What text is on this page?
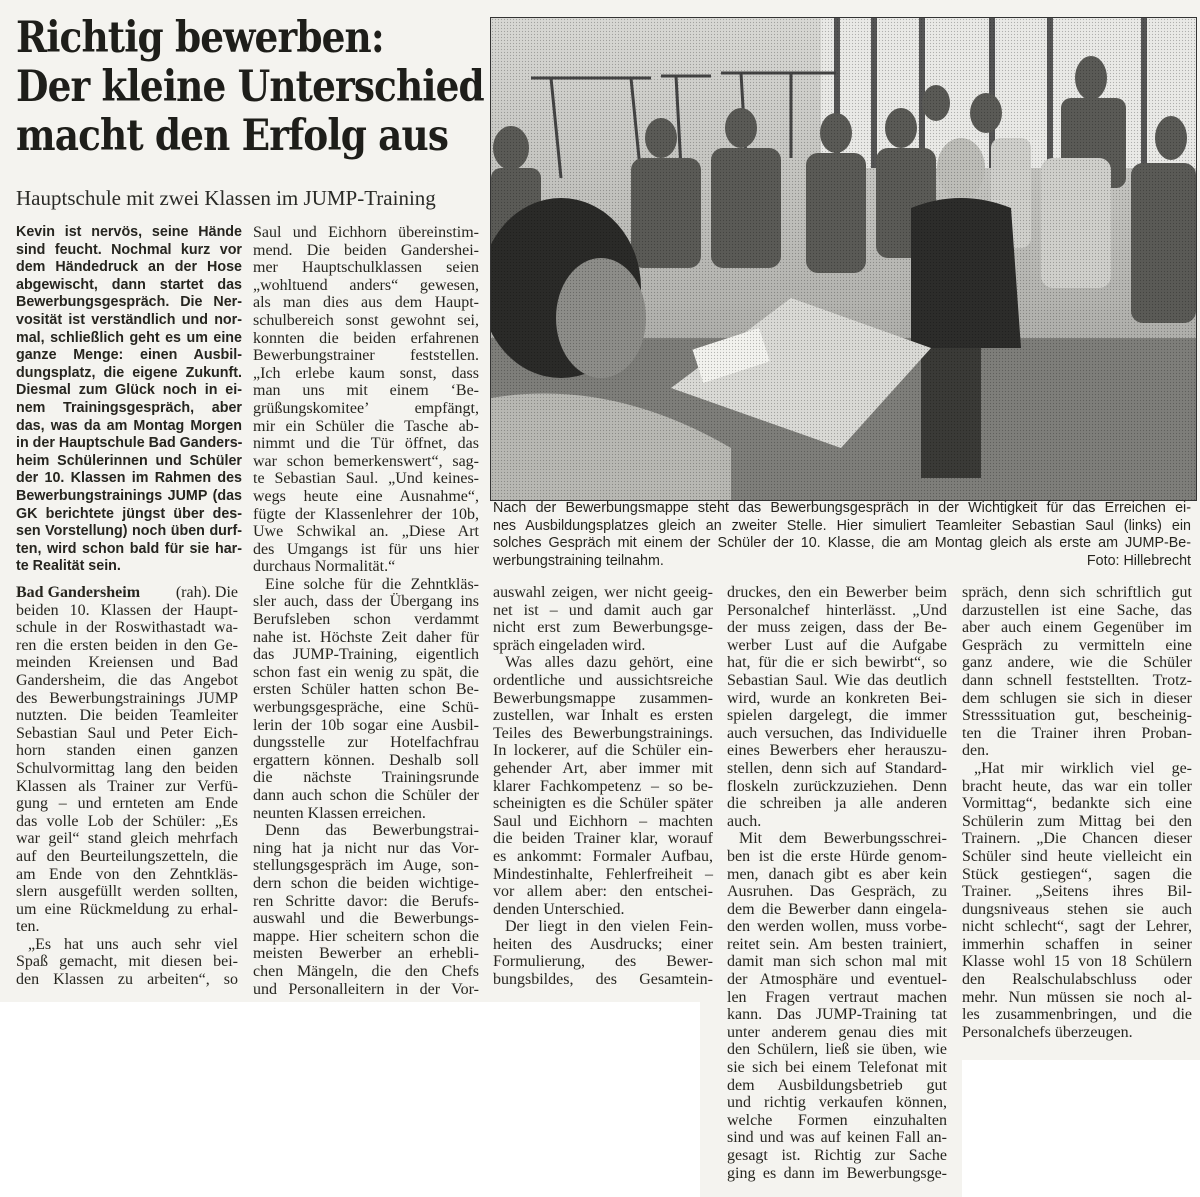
Richtig bewerben:
Der kleine Unterschied
macht den Erfolg aus
Hauptschule mit zwei Klassen im JUMP-Training
Kevin ist nervös, seine Hände
sind feucht. Nochmal kurz vor
dem Händedruck an der Hose
abgewischt, dann startet das
Bewerbungsgespräch. Die Ner-
vosität ist verständlich und nor-
mal, schließlich geht es um eine
ganze Menge: einen Ausbil-
dungsplatz, die eigene Zukunft.
Diesmal zum Glück noch in ei-
nem Trainingsgespräch, aber
das, was da am Montag Morgen
in der Hauptschule Bad Ganders-
heim Schülerinnen und Schüler
der 10. Klassen im Rahmen des
Bewerbungstrainings JUMP (das
GK berichtete jüngst über des-
sen Vorstellung) noch üben durf-
ten, wird schon bald für sie har-
te Realität sein.
Bad Gandersheim (rah). Die
beiden 10. Klassen der Haupt-
schule in der Roswithastadt wa-
ren die ersten beiden in den Ge-
meinden Kreiensen und Bad
Gandersheim, die das Angebot
des Bewerbungstrainings JUMP
nutzten. Die beiden Teamleiter
Sebastian Saul und Peter Eich-
horn standen einen ganzen
Schulvormittag lang den beiden
Klassen als Trainer zur Verfü-
gung – und ernteten am Ende
das volle Lob der Schüler: „Es
war geil“ stand gleich mehrfach
auf den Beurteilungszetteln, die
am Ende von den Zehntkläs-
slern ausgefüllt werden sollten,
um eine Rückmeldung zu erhal-
ten.
„Es hat uns auch sehr viel
Spaß gemacht, mit diesen bei-
den Klassen zu arbeiten“, so
Saul und Eichhorn übereinstim-
mend. Die beiden Gandershei-
mer Hauptschulklassen seien
„wohltuend anders“ gewesen,
als man dies aus dem Haupt-
schulbereich sonst gewohnt sei,
konnten die beiden erfahrenen
Bewerbungstrainer feststellen.
„Ich erlebe kaum sonst, dass
man uns mit einem ‘Be-
grüßungskomitee’ empfängt,
mir ein Schüler die Tasche ab-
nimmt und die Tür öffnet, das
war schon bemerkenswert“, sag-
te Sebastian Saul. „Und keines-
wegs heute eine Ausnahme“,
fügte der Klassenlehrer der 10b,
Uwe Schwikal an. „Diese Art
des Umgangs ist für uns hier
durchaus Normalität.“
Eine solche für die Zehntkläs-
sler auch, dass der Übergang ins
Berufsleben schon verdammt
nahe ist. Höchste Zeit daher für
das JUMP-Training, eigentlich
schon fast ein wenig zu spät, die
ersten Schüler hatten schon Be-
werbungsgespräche, eine Schü-
lerin der 10b sogar eine Ausbil-
dungsstelle zur Hotelfachfrau
ergattern können. Deshalb soll
die nächste Trainingsrunde
dann auch schon die Schüler der
neunten Klassen erreichen.
Denn das Bewerbungstrai-
ning hat ja nicht nur das Vor-
stellungsgespräch im Auge, son-
dern schon die beiden wichtige-
ren Schritte davor: die Berufs-
auswahl und die Bewerbungs-
mappe. Hier scheitern schon die
meisten Bewerber an erhebli-
chen Mängeln, die den Chefs
und Personalleitern in der Vor-
Nach der Bewerbungsmappe steht das Bewerbungsgespräch in der Wichtigkeit für das Erreichen ei-
nes Ausbildungsplatzes gleich an zweiter Stelle. Hier simuliert Teamleiter Sebastian Saul (links) ein
solches Gespräch mit einem der Schüler der 10. Klasse, die am Montag gleich als erste am JUMP-Be-
werbungstraining teilnahm.	Foto: Hillebrecht
auswahl zeigen, wer nicht geeig-
net ist – und damit auch gar
nicht erst zum Bewerbungsge-
spräch eingeladen wird.
Was alles dazu gehört, eine
ordentliche und aussichtsreiche
Bewerbungsmappe zusammen-
zustellen, war Inhalt es ersten
Teiles des Bewerbungstrainings.
In lockerer, auf die Schüler ein-
gehender Art, aber immer mit
klarer Fachkompetenz – so be-
scheinigten es die Schüler später
Saul und Eichhorn – machten
die beiden Trainer klar, worauf
es ankommt: Formaler Aufbau,
Mindestinhalte, Fehlerfreiheit –
vor allem aber: den entschei-
denden Unterschied.
Der liegt in den vielen Fein-
heiten des Ausdrucks; einer
Formulierung, des Bewer-
bungsbildes, des Gesamtein-
druckes, den ein Bewerber beim
Personalchef hinterlässt. „Und
der muss zeigen, dass der Be-
werber Lust auf die Aufgabe
hat, für die er sich bewirbt“, so
Sebastian Saul. Wie das deutlich
wird, wurde an konkreten Bei-
spielen dargelegt, die immer
auch versuchen, das Individuelle
eines Bewerbers eher herauszu-
stellen, denn sich auf Standard-
floskeln zurückzuziehen. Denn
die schreiben ja alle anderen
auch.
Mit dem Bewerbungsschrei-
ben ist die erste Hürde genom-
men, danach gibt es aber kein
Ausruhen. Das Gespräch, zu
dem die Bewerber dann eingela-
den werden wollen, muss vorbe-
reitet sein. Am besten trainiert,
damit man sich schon mal mit
der Atmosphäre und eventuel-
len Fragen vertraut machen
kann. Das JUMP-Training tat
unter anderem genau dies mit
den Schülern, ließ sie üben, wie
sie sich bei einem Telefonat mit
dem Ausbildungsbetrieb gut
und richtig verkaufen können,
welche Formen einzuhalten
sind und was auf keinen Fall an-
gesagt ist. Richtig zur Sache
ging es dann im Bewerbungsge-
spräch, denn sich schriftlich gut
darzustellen ist eine Sache, das
aber auch einem Gegenüber im
Gespräch zu vermitteln eine
ganz andere, wie die Schüler
dann schnell feststellten. Trotz-
dem schlugen sie sich in dieser
Stresssituation gut, bescheinig-
ten die Trainer ihren Proban-
den.
„Hat mir wirklich viel ge-
bracht heute, das war ein toller
Vormittag“, bedankte sich eine
Schülerin zum Mittag bei den
Trainern. „Die Chancen dieser
Schüler sind heute vielleicht ein
Stück gestiegen“, sagen die
Trainer. „Seitens ihres Bil-
dungsniveaus stehen sie auch
nicht schlecht“, sagt der Lehrer,
immerhin schaffen in seiner
Klasse wohl 15 von 18 Schülern
den Realschulabschluss oder
mehr. Nun müssen sie noch al-
les zusammenbringen, und die
Personalchefs überzeugen.
